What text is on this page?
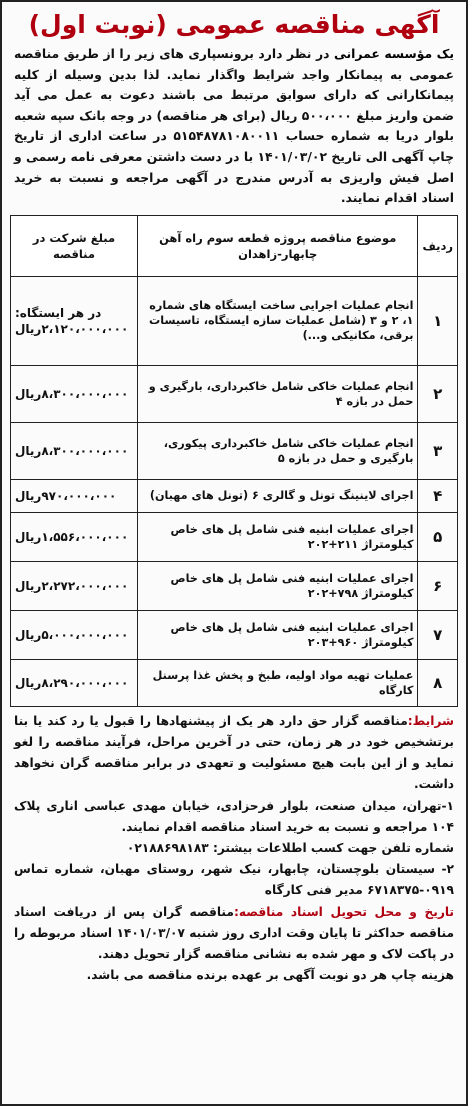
آگهی مناقصه عمومی (نوبت اول)

یک مؤسسه عمرانی در نظر دارد برونسپاری های زیر را از طریق مناقصه عمومی به پیمانکار واجد شرایط واگذار نماید. لذا بدین وسیله از کلیه پیمانکارانی که دارای سوابق مرتبط می باشند دعوت به عمل می آید ضمن واریز مبلغ ۵۰۰،۰۰۰ ریال (برای هر مناقصه) در وجه بانک سپه شعبه بلوار دریا به شماره حساب ۵۱۵۴۸۷۸۱۰۸۰۰۱۱ در ساعت اداری از تاریخ چاپ آگهی الی تاریخ ۱۴۰۱/۰۳/۰۲ با در دست داشتن معرفی نامه رسمی و اصل فیش واریزی به آدرس مندرج در آگهی مراجعه و نسبت به خرید اسناد اقدام نمایند.

ردیف	موضوع مناقصه پروژه قطعه سوم راه آهن چابهار-زاهدان	مبلغ شرکت در مناقصه
۱	انجام عملیات اجرایی ساخت ایستگاه های شماره ۱، ۲ و ۳ (شامل عملیات سازه ایستگاه، تاسیسات برقی، مکانیکی و...)	در هر ایستگاه: ۲،۱۲۰،۰۰۰،۰۰۰ریال
۲	انجام عملیات خاکی شامل خاکبرداری، بارگیری و حمل در بازه ۴	۸،۳۰۰،۰۰۰،۰۰۰ریال
۳	انجام عملیات خاکی شامل خاکبرداری پیکوری، بارگیری و حمل در بازه ۵	۸،۳۰۰،۰۰۰،۰۰۰ریال
۴	اجرای لاینینگ تونل و گالری ۶ (تونل های مهبان)	۹۷۰،۰۰۰،۰۰۰ریال
۵	اجرای عملیات ابنیه فنی شامل پل های خاص کیلومتراژ ۲۱۱+۲۰۲	۱،۵۵۶،۰۰۰،۰۰۰ریال
۶	اجرای عملیات ابنیه فنی شامل پل های خاص کیلومتراژ ۷۹۸+۲۰۲	۲،۲۷۲،۰۰۰،۰۰۰ریال
۷	اجرای عملیات ابنیه فنی شامل پل های خاص کیلومتراژ ۹۶۰+۲۰۳	۵،۰۰۰،۰۰۰،۰۰۰ریال
۸	عملیات تهیه مواد اولیه، طبخ و پخش غذا پرسنل کارگاه	۸،۲۹۰،۰۰۰،۰۰۰ریال

شرایط:مناقصه گزار حق دارد هر یک از پیشنهادها را قبول یا رد کند یا بنا برتشخیص خود در هر زمان، حتی در آخرین مراحل، فرآیند مناقصه را لغو نماید و از این بابت هیچ مسئولیت و تعهدی در برابر مناقصه گران نخواهد داشت.

۱-تهران، میدان صنعت، بلوار فرحزادی، خیابان مهدی عباسی اناری پلاک ۱۰۴ مراجعه و نسبت به خرید اسناد مناقصه اقدام نمایند.

شماره تلفن جهت کسب اطلاعات بیشتر: ۰۲۱۸۸۶۹۸۱۸۳

۲- سیستان بلوچستان، چابهار، نیک شهر، روستای مهبان، شماره تماس ۰۹۱۹-۶۷۱۸۳۷۵ مدیر فنی کارگاه

تاریخ و محل تحویل اسناد مناقصه:مناقصه گران پس از دریافت اسناد مناقصه حداکثر تا پایان وقت اداری روز شنبه ۱۴۰۱/۰۳/۰۷ اسناد مربوطه را در پاکت لاک و مهر شده به نشانی مناقصه گزار تحویل دهند.

هزینه چاپ هر دو نوبت آگهی بر عهده برنده مناقصه می باشد.
